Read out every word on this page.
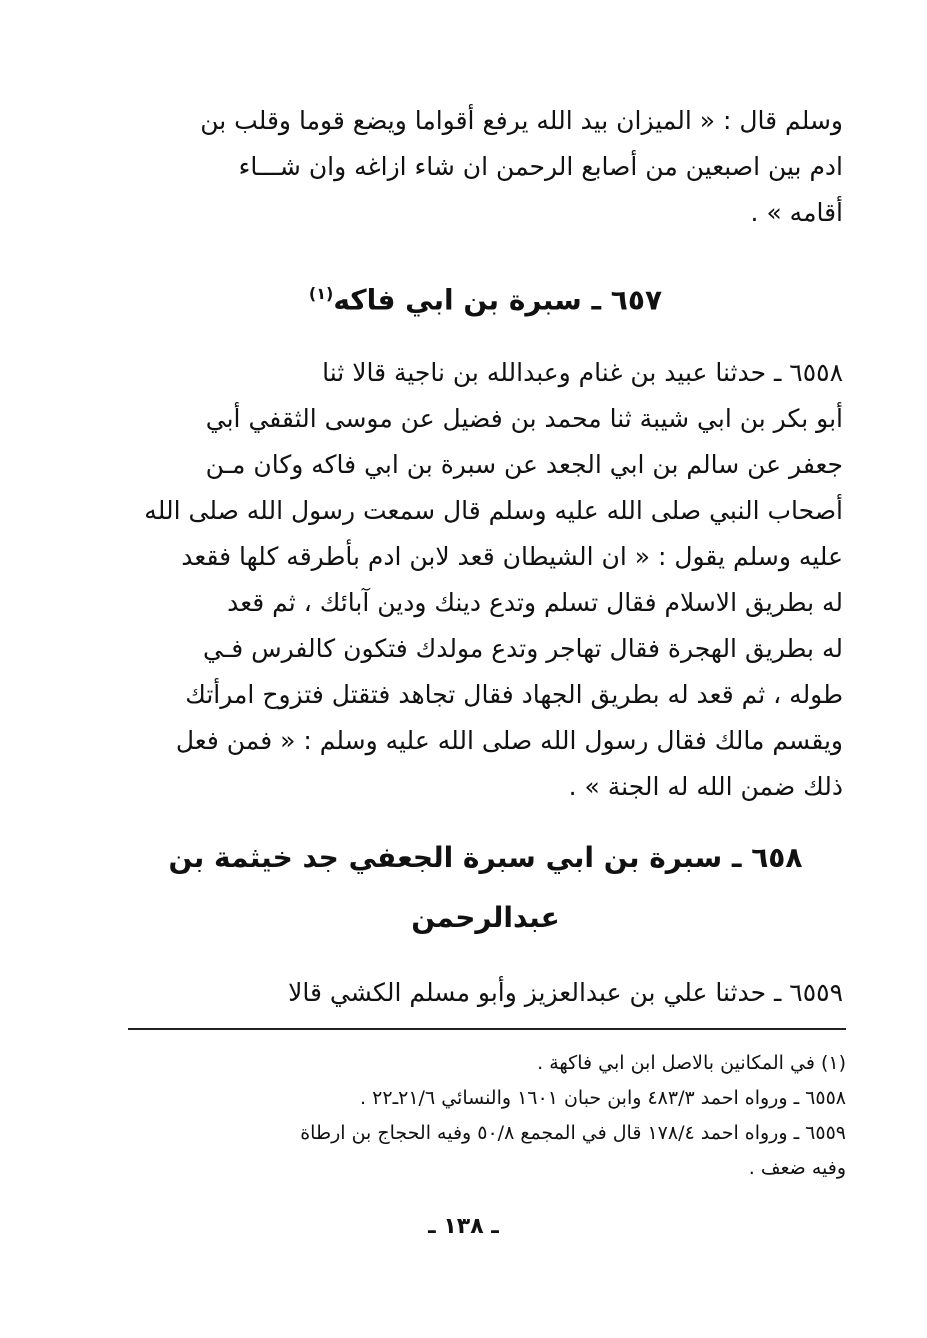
وسلم قال : « الميزان بيد الله يرفع أقواما ويضع قوما وقلب بن
ادم بين اصبعين من أصابع الرحمن ان شاء ازاغه وان شـــاء
أقامه » .
٦٥٧ ـ سبرة بن ابي فاكه$^{(١)}$
٦٥٥٨ ـ حدثنا عبيد بن غنام وعبدالله بن ناجية قالا ثنا
أبو بكر بن ابي شيبة ثنا محمد بن فضيل عن موسى الثقفي أبي
جعفر عن سالم بن ابي الجعد عن سبرة بن ابي فاكه وكان مـن
أصحاب النبي صلى الله عليه وسلم قال سمعت رسول الله صلى الله
عليه وسلم يقول : « ان الشيطان قعد لابن ادم بأطرقه كلها فقعد
له بطريق الاسلام فقال تسلم وتدع دينك ودين آبائك ، ثم قعد
له بطريق الهجرة فقال تهاجر وتدع مولدك فتكون كالفرس فـي
طوله ، ثم قعد له بطريق الجهاد فقال تجاهد فتقتل فتزوح امرأتك
ويقسم مالك فقال رسول الله صلى الله عليه وسلم : « فمن فعل
ذلك ضمن الله له الجنة » .
٦٥٨ ـ سبرة بن ابي سبرة الجعفي جد خيثمة بن
عبدالرحمن
٦٥٥٩ ـ حدثنا علي بن عبدالعزيز وأبو مسلم الكشي قالا
(١) في المكانين بالاصل ابن ابي فاكهة .
٦٥٥٨ ـ ورواه احمد ٤٨٣/٣ وابن حبان ١٦٠١ والنسائي ٢١/٦ـ٢٢ .
٦٥٥٩ ـ ورواه احمد ١٧٨/٤ قال في المجمع ٥٠/٨ وفيه الحجاج بن ارطاة
وفيه ضعف .
ـ ١٣٨ ـ
